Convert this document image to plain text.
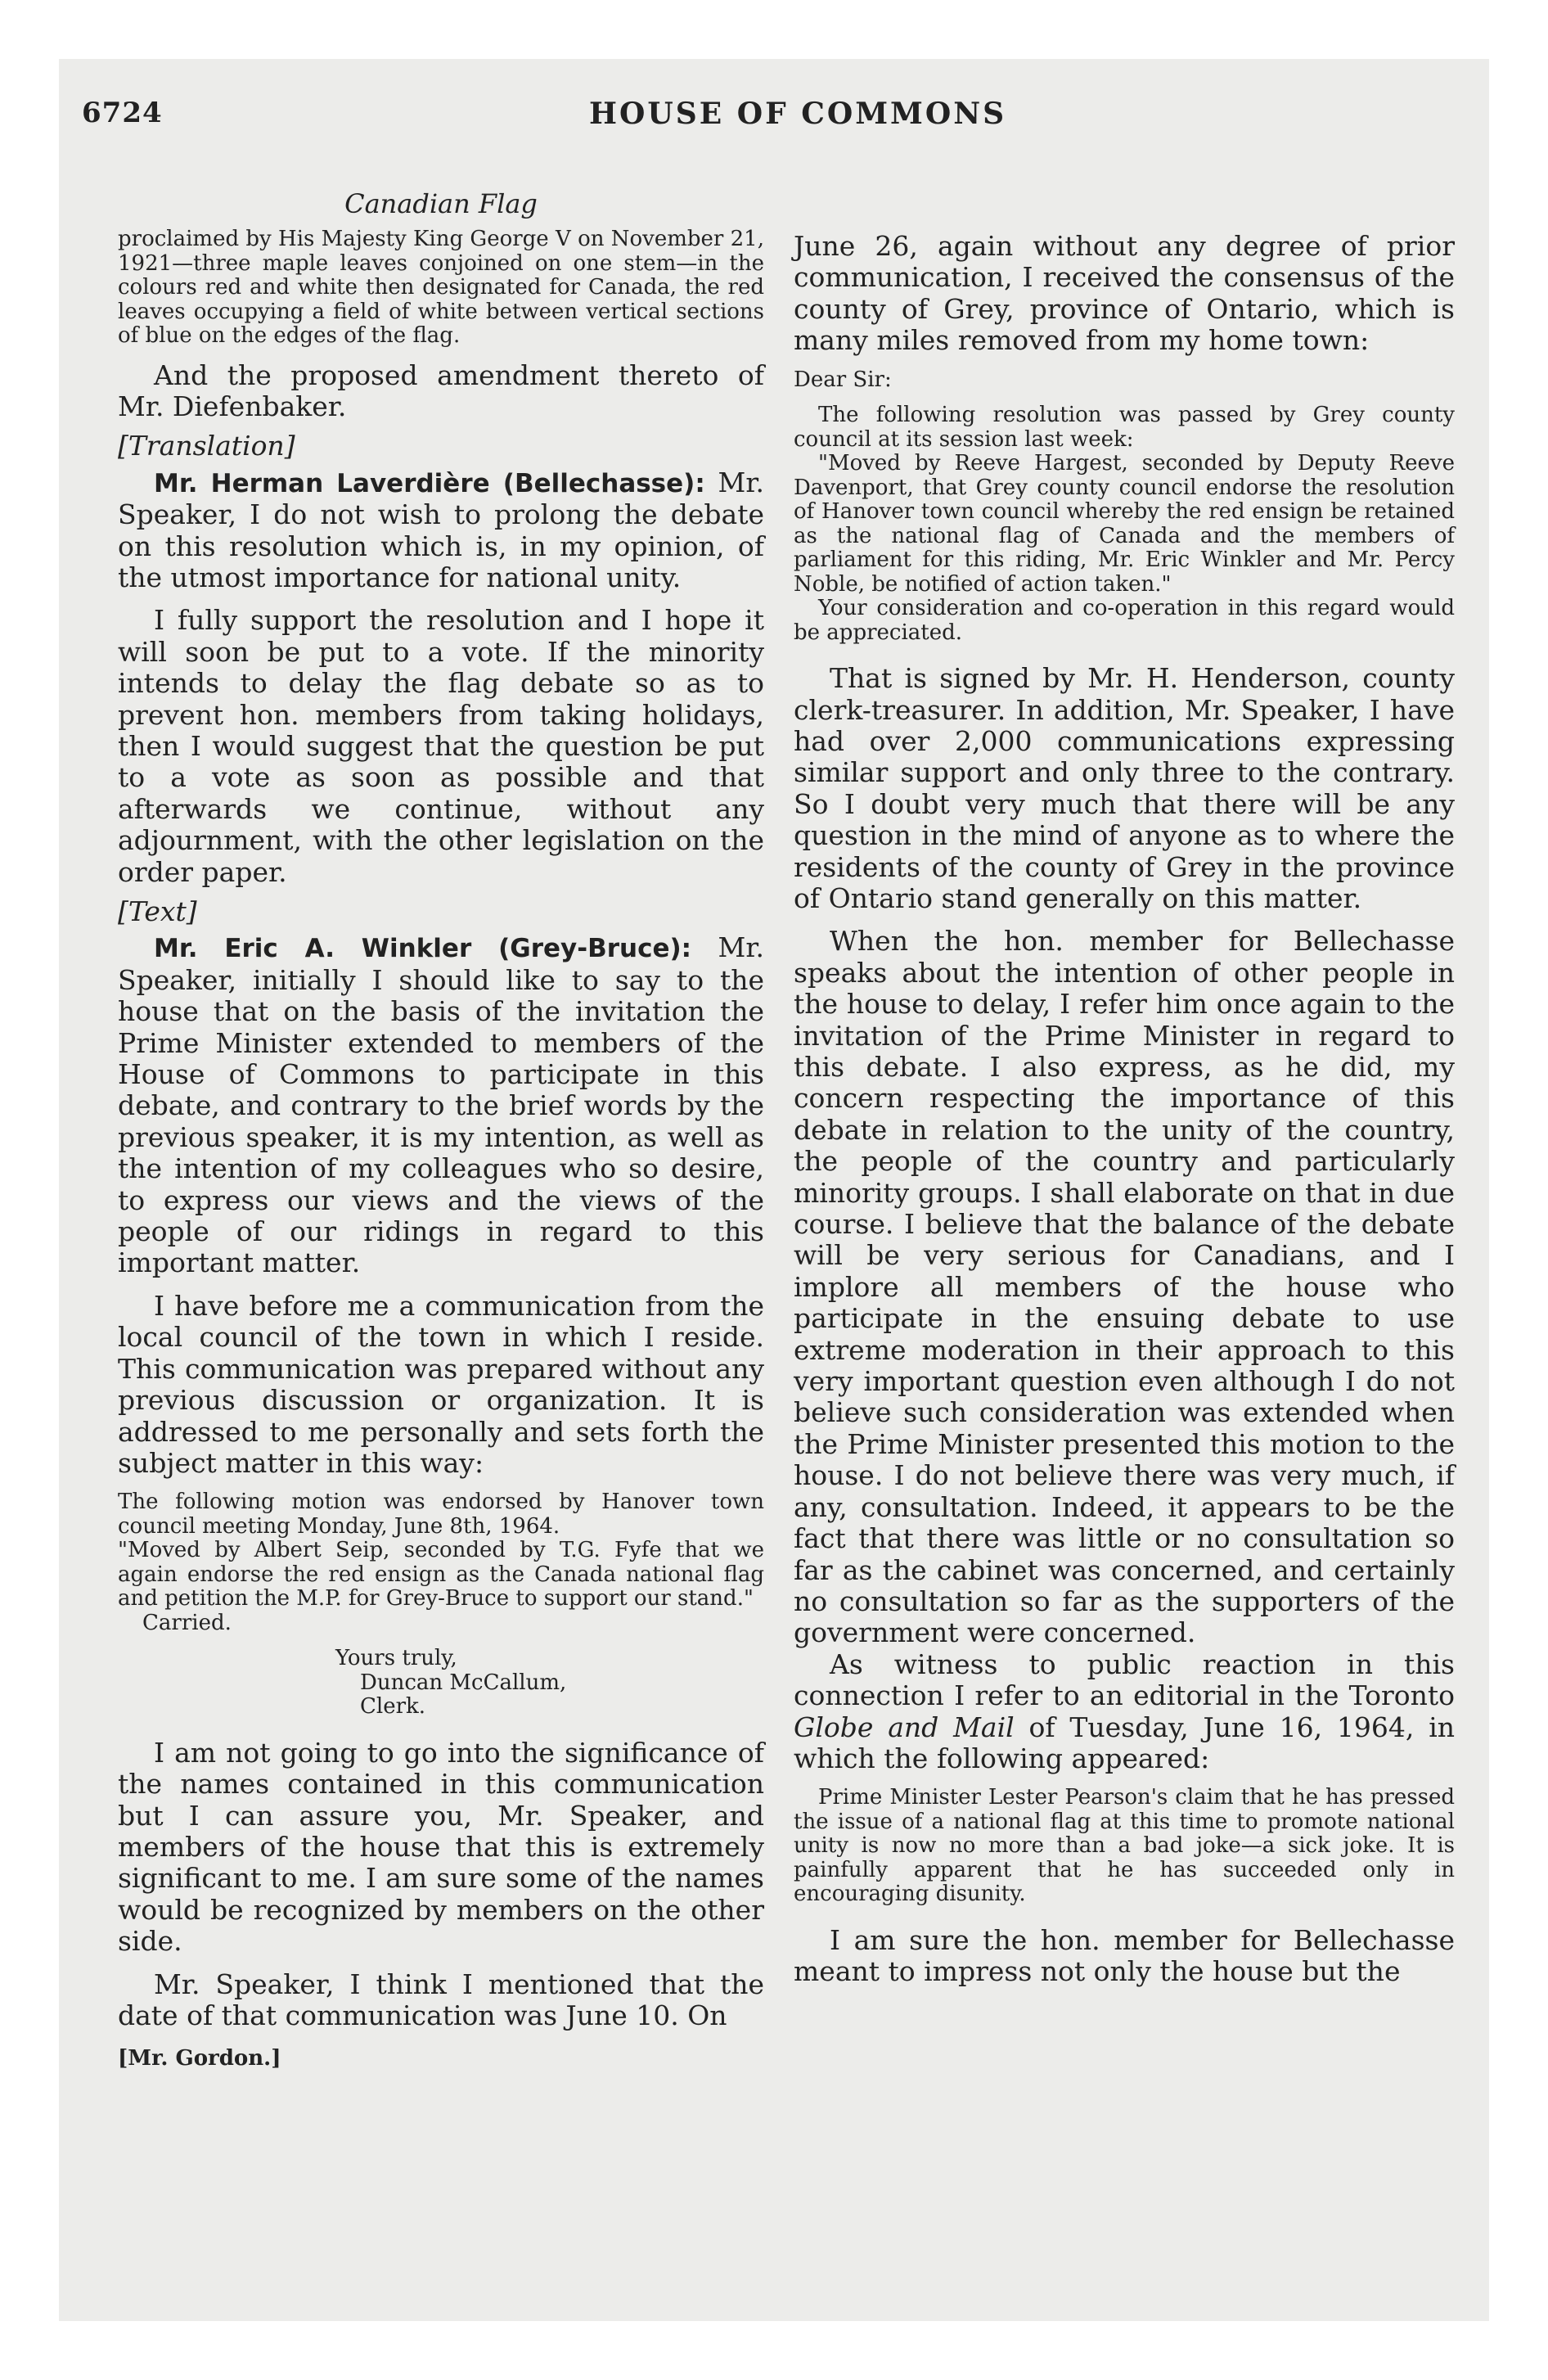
6724	HOUSE OF COMMONS
Canadian Flag

proclaimed by His Majesty King George V on November 21, 1921—three maple leaves conjoined on one stem—in the colours red and white then designated for Canada, the red leaves occupying a field of white between vertical sections of blue on the edges of the flag.

And the proposed amendment thereto of Mr. Diefenbaker.

[Translation]

Mr. Herman Laverdière (Bellechasse): Mr. Speaker, I do not wish to prolong the debate on this resolution which is, in my opinion, of the utmost importance for national unity.

I fully support the resolution and I hope it will soon be put to a vote. If the minority intends to delay the flag debate so as to prevent hon. members from taking holidays, then I would suggest that the question be put to a vote as soon as possible and that afterwards we continue, without any adjournment, with the other legislation on the order paper.

[Text]

Mr. Eric A. Winkler (Grey-Bruce): Mr. Speaker, initially I should like to say to the house that on the basis of the invitation the Prime Minister extended to members of the House of Commons to participate in this debate, and contrary to the brief words by the previous speaker, it is my intention, as well as the intention of my colleagues who so desire, to express our views and the views of the people of our ridings in regard to this important matter.

I have before me a communication from the local council of the town in which I reside. This communication was prepared without any previous discussion or organization. It is addressed to me personally and sets forth the subject matter in this way:

The following motion was endorsed by Hanover town council meeting Monday, June 8th, 1964.

"Moved by Albert Seip, seconded by T.G. Fyfe that we again endorse the red ensign as the Canada national flag and petition the M.P. for Grey-Bruce to support our stand."

Carried.

Yours truly,

Duncan McCallum,

Clerk.

I am not going to go into the significance of the names contained in this communication but I can assure you, Mr. Speaker, and members of the house that this is extremely significant to me. I am sure some of the names would be recognized by members on the other side.

Mr. Speaker, I think I mentioned that the date of that communication was June 10. On

[Mr. Gordon.]

June 26, again without any degree of prior communication, I received the consensus of the county of Grey, province of Ontario, which is many miles removed from my home town:

Dear Sir:

The following resolution was passed by Grey county council at its session last week:

"Moved by Reeve Hargest, seconded by Deputy Reeve Davenport, that Grey county council endorse the resolution of Hanover town council whereby the red ensign be retained as the national flag of Canada and the members of parliament for this riding, Mr. Eric Winkler and Mr. Percy Noble, be notified of action taken."

Your consideration and co-operation in this regard would be appreciated.

That is signed by Mr. H. Henderson, county clerk-treasurer. In addition, Mr. Speaker, I have had over 2,000 communications expressing similar support and only three to the contrary. So I doubt very much that there will be any question in the mind of anyone as to where the residents of the county of Grey in the province of Ontario stand generally on this matter.

When the hon. member for Bellechasse speaks about the intention of other people in the house to delay, I refer him once again to the invitation of the Prime Minister in regard to this debate. I also express, as he did, my concern respecting the importance of this debate in relation to the unity of the country, the people of the country and particularly minority groups. I shall elaborate on that in due course. I believe that the balance of the debate will be very serious for Canadians, and I implore all members of the house who participate in the ensuing debate to use extreme moderation in their approach to this very important question even although I do not believe such consideration was extended when the Prime Minister presented this motion to the house. I do not believe there was very much, if any, consultation. Indeed, it appears to be the fact that there was little or no consultation so far as the cabinet was concerned, and certainly no consultation so far as the supporters of the government were concerned.

As witness to public reaction in this connection I refer to an editorial in the Toronto Globe and Mail of Tuesday, June 16, 1964, in which the following appeared:

Prime Minister Lester Pearson's claim that he has pressed the issue of a national flag at this time to promote national unity is now no more than a bad joke—a sick joke. It is painfully apparent that he has succeeded only in encouraging disunity.

I am sure the hon. member for Bellechasse meant to impress not only the house but the
